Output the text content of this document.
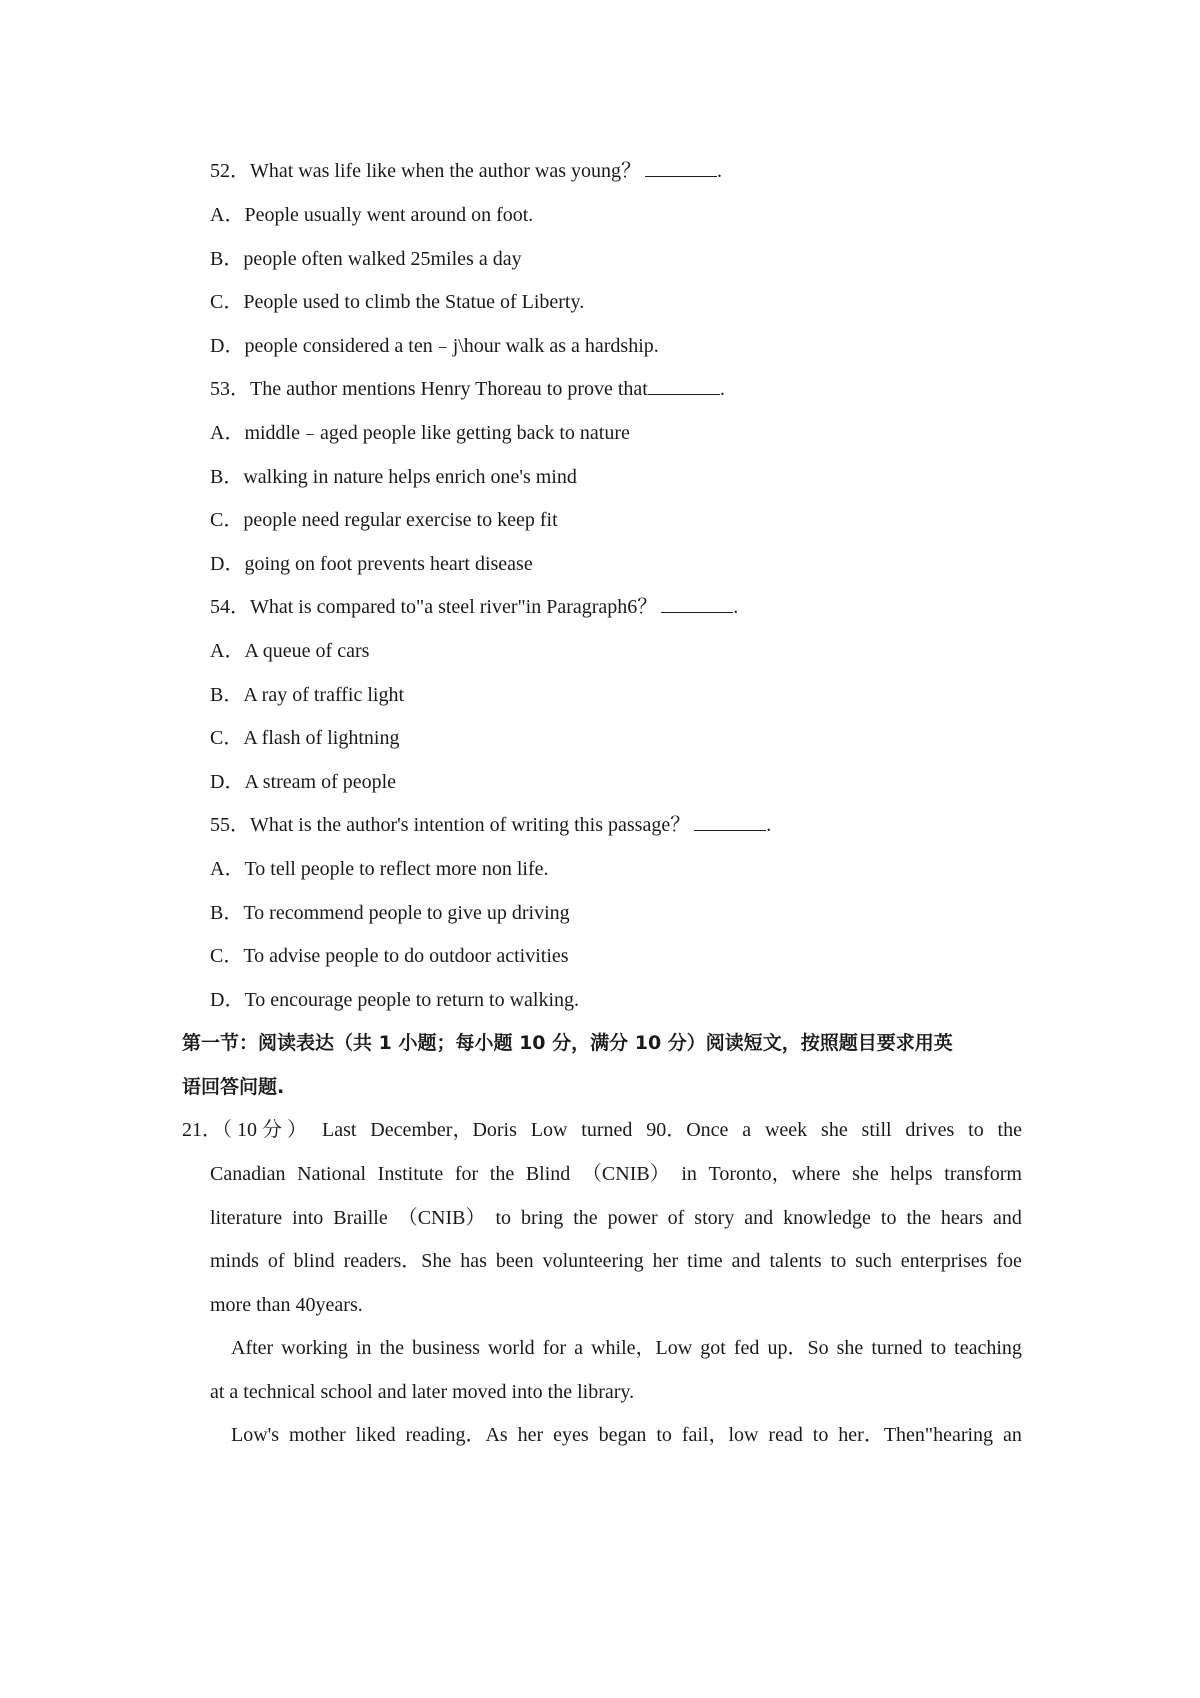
52．What was life like when the author was young？	.
A．People usually went around on foot.
B．people often walked 25miles a day
C．People used to climb the Statue of Liberty.
D．people considered a ten﹣j\hour walk as a hardship.
53．The author mentions Henry Thoreau to prove that	.
A．middle﹣aged people like getting back to nature
B．walking in nature helps enrich one's mind
C．people need regular exercise to keep fit
D．going on foot prevents heart disease
54．What is compared to"a steel river"in Paragraph6？	.
A．A queue of cars
B．A ray of traffic light
C．A flash of lightning
D．A stream of people
55．What is the author's intention of writing this passage？	.
A．To tell people to reflect more non life.
B．To recommend people to give up driving
C．To advise people to do outdoor activities
D．To encourage people to return to walking.
第一节：阅读表达（共 1 小题；每小题 10 分，满分 10 分）阅读短文，按照题目要求用英
语回答问题.
21．（ 10 分 ） Last December，Doris Low turned 90．Once a week she still drives to the
Canadian National Institute for the Blind （CNIB） in Toronto，where she helps transform
literature into Braille （CNIB） to bring the power of story and knowledge to the hears and
minds of blind readers．She has been volunteering her time and talents to such enterprises foe
more than 40years.
After working in the business world for a while，Low got fed up．So she turned to teaching
at a technical school and later moved into the library.
Low's mother liked reading．As her eyes began to fail，low read to her．Then"hearing an
